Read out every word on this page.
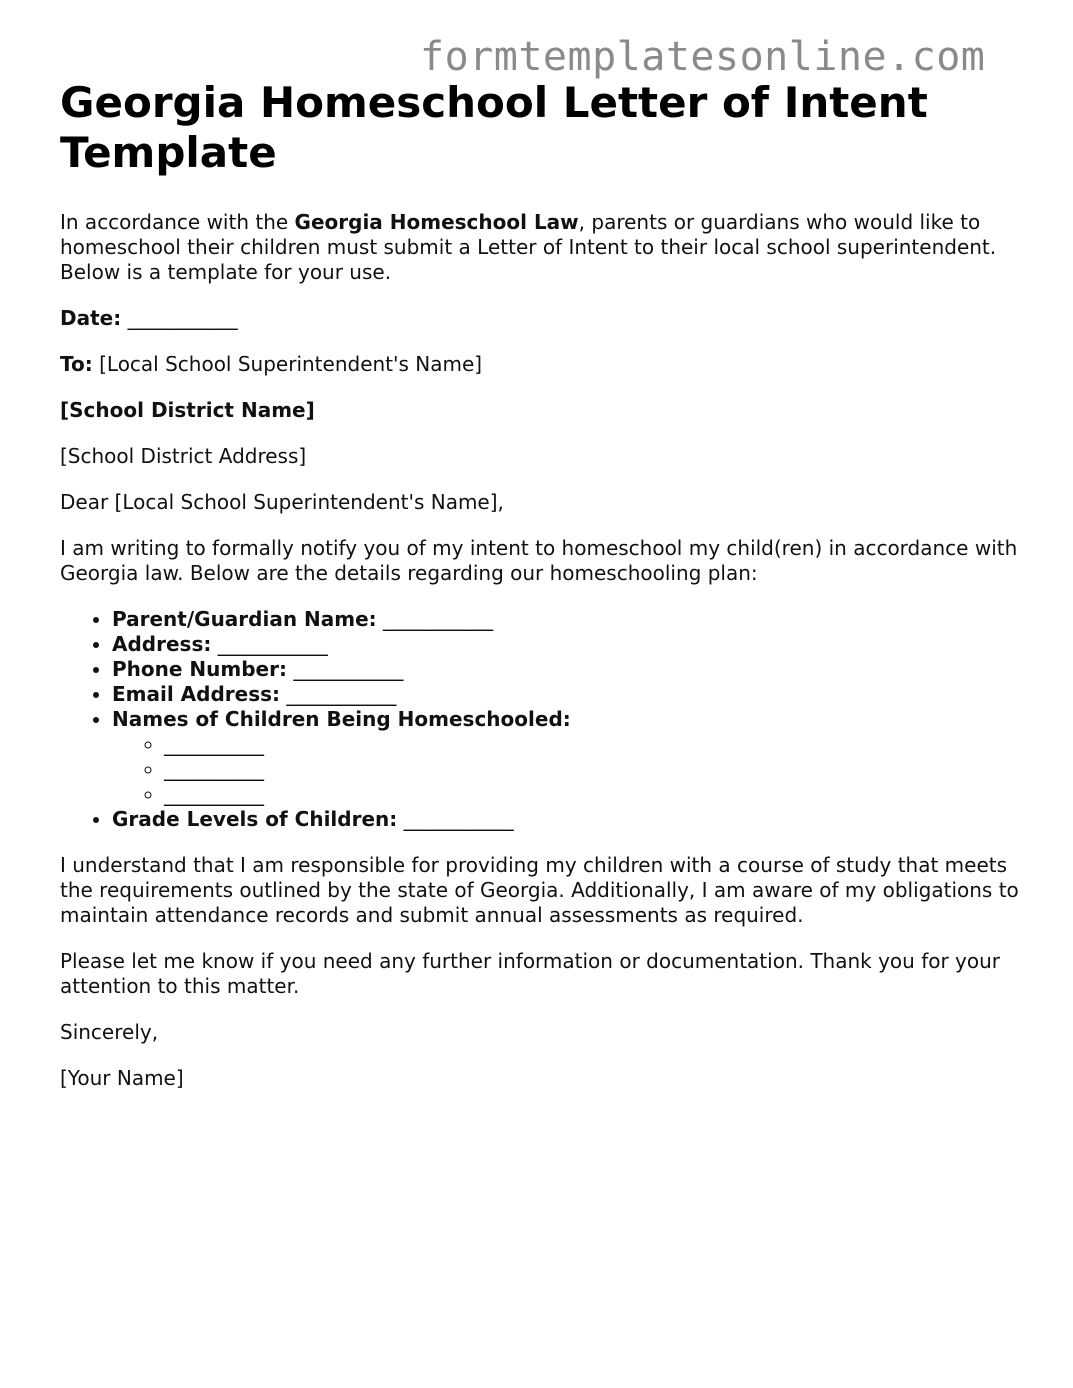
formtemplatesonline.com
Georgia Homeschool Letter of Intent Template

In accordance with the Georgia Homeschool Law, parents or guardians who would like to homeschool their children must submit a Letter of Intent to their local school superintendent. Below is a template for your use.

Date: ___________

To: [Local School Superintendent's Name]

[School District Name]

[School District Address]

Dear [Local School Superintendent's Name],

I am writing to formally notify you of my intent to homeschool my child(ren) in accordance with Georgia law. Below are the details regarding our homeschooling plan:

• Parent/Guardian Name: ___________
• Address: ___________
• Phone Number: ___________
• Email Address: ___________
• Names of Children Being Homeschooled:
◦ __________
◦ __________
◦ __________
• Grade Levels of Children: ___________

I understand that I am responsible for providing my children with a course of study that meets the requirements outlined by the state of Georgia. Additionally, I am aware of my obligations to maintain attendance records and submit annual assessments as required.

Please let me know if you need any further information or documentation. Thank you for your attention to this matter.

Sincerely,

[Your Name]
